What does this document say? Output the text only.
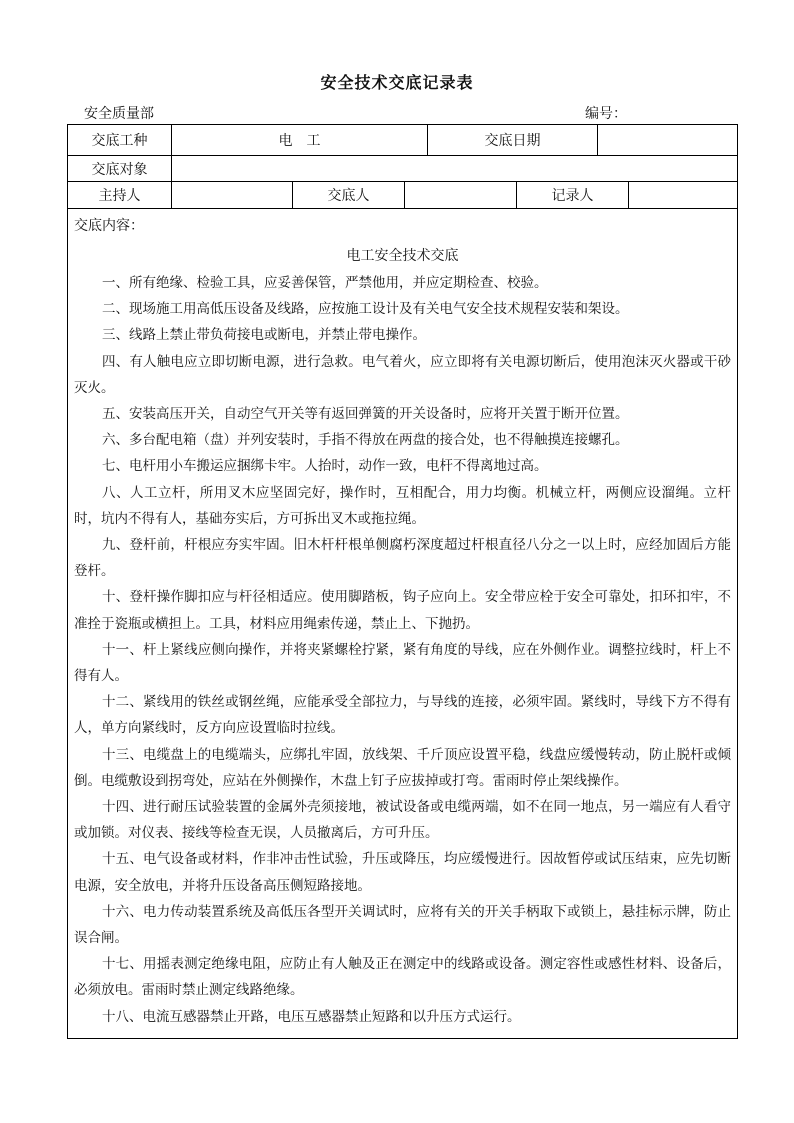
安全技术交底记录表
安全质量部	编号：
交底工种	电　工	交底日期
交底对象
主持人	交底人	记录人
交底内容：
电工安全技术交底

一、所有绝缘、检验工具，应妥善保管，严禁他用，并应定期检查、校验。

二、现场施工用高低压设备及线路，应按施工设计及有关电气安全技术规程安装和架设。

三、线路上禁止带负荷接电或断电，并禁止带电操作。

四、有人触电应立即切断电源，进行急救。电气着火，应立即将有关电源切断后，使用泡沫灭火器或干砂灭火。

五、安装高压开关，自动空气开关等有返回弹簧的开关设备时，应将开关置于断开位置。

六、多台配电箱（盘）并列安装时，手指不得放在两盘的接合处，也不得触摸连接螺孔。

七、电杆用小车搬运应捆绑卡牢。人抬时，动作一致，电杆不得离地过高。

八、人工立杆，所用叉木应坚固完好，操作时，互相配合，用力均衡。机械立杆，两侧应设溜绳。立杆时，坑内不得有人，基础夯实后，方可拆出叉木或拖拉绳。

九、登杆前，杆根应夯实牢固。旧木杆杆根单侧腐朽深度超过杆根直径八分之一以上时，应经加固后方能登杆。

十、登杆操作脚扣应与杆径相适应。使用脚踏板，钩子应向上。安全带应栓于安全可靠处，扣环扣牢，不准拴于瓷瓶或横担上。工具，材料应用绳索传递，禁止上、下抛扔。

十一、杆上紧线应侧向操作，并将夹紧螺栓拧紧，紧有角度的导线，应在外侧作业。调整拉线时，杆上不得有人。

十二、紧线用的铁丝或钢丝绳，应能承受全部拉力，与导线的连接，必须牢固。紧线时，导线下方不得有人，单方向紧线时，反方向应设置临时拉线。

十三、电缆盘上的电缆端头，应绑扎牢固，放线架、千斤顶应设置平稳，线盘应缓慢转动，防止脱杆或倾倒。电缆敷设到拐弯处，应站在外侧操作，木盘上钉子应拔掉或打弯。雷雨时停止架线操作。

十四、进行耐压试验装置的金属外壳须接地，被试设备或电缆两端，如不在同一地点，另一端应有人看守或加锁。对仪表、接线等检查无误，人员撤离后，方可升压。

十五、电气设备或材料，作非冲击性试验，升压或降压，均应缓慢进行。因故暂停或试压结束，应先切断电源，安全放电，并将升压设备高压侧短路接地。

十六、电力传动装置系统及高低压各型开关调试时，应将有关的开关手柄取下或锁上，悬挂标示牌，防止误合闸。

十七、用摇表测定绝缘电阻，应防止有人触及正在测定中的线路或设备。测定容性或感性材料、设备后，必须放电。雷雨时禁止测定线路绝缘。

十八、电流互感器禁止开路，电压互感器禁止短路和以升压方式运行。
